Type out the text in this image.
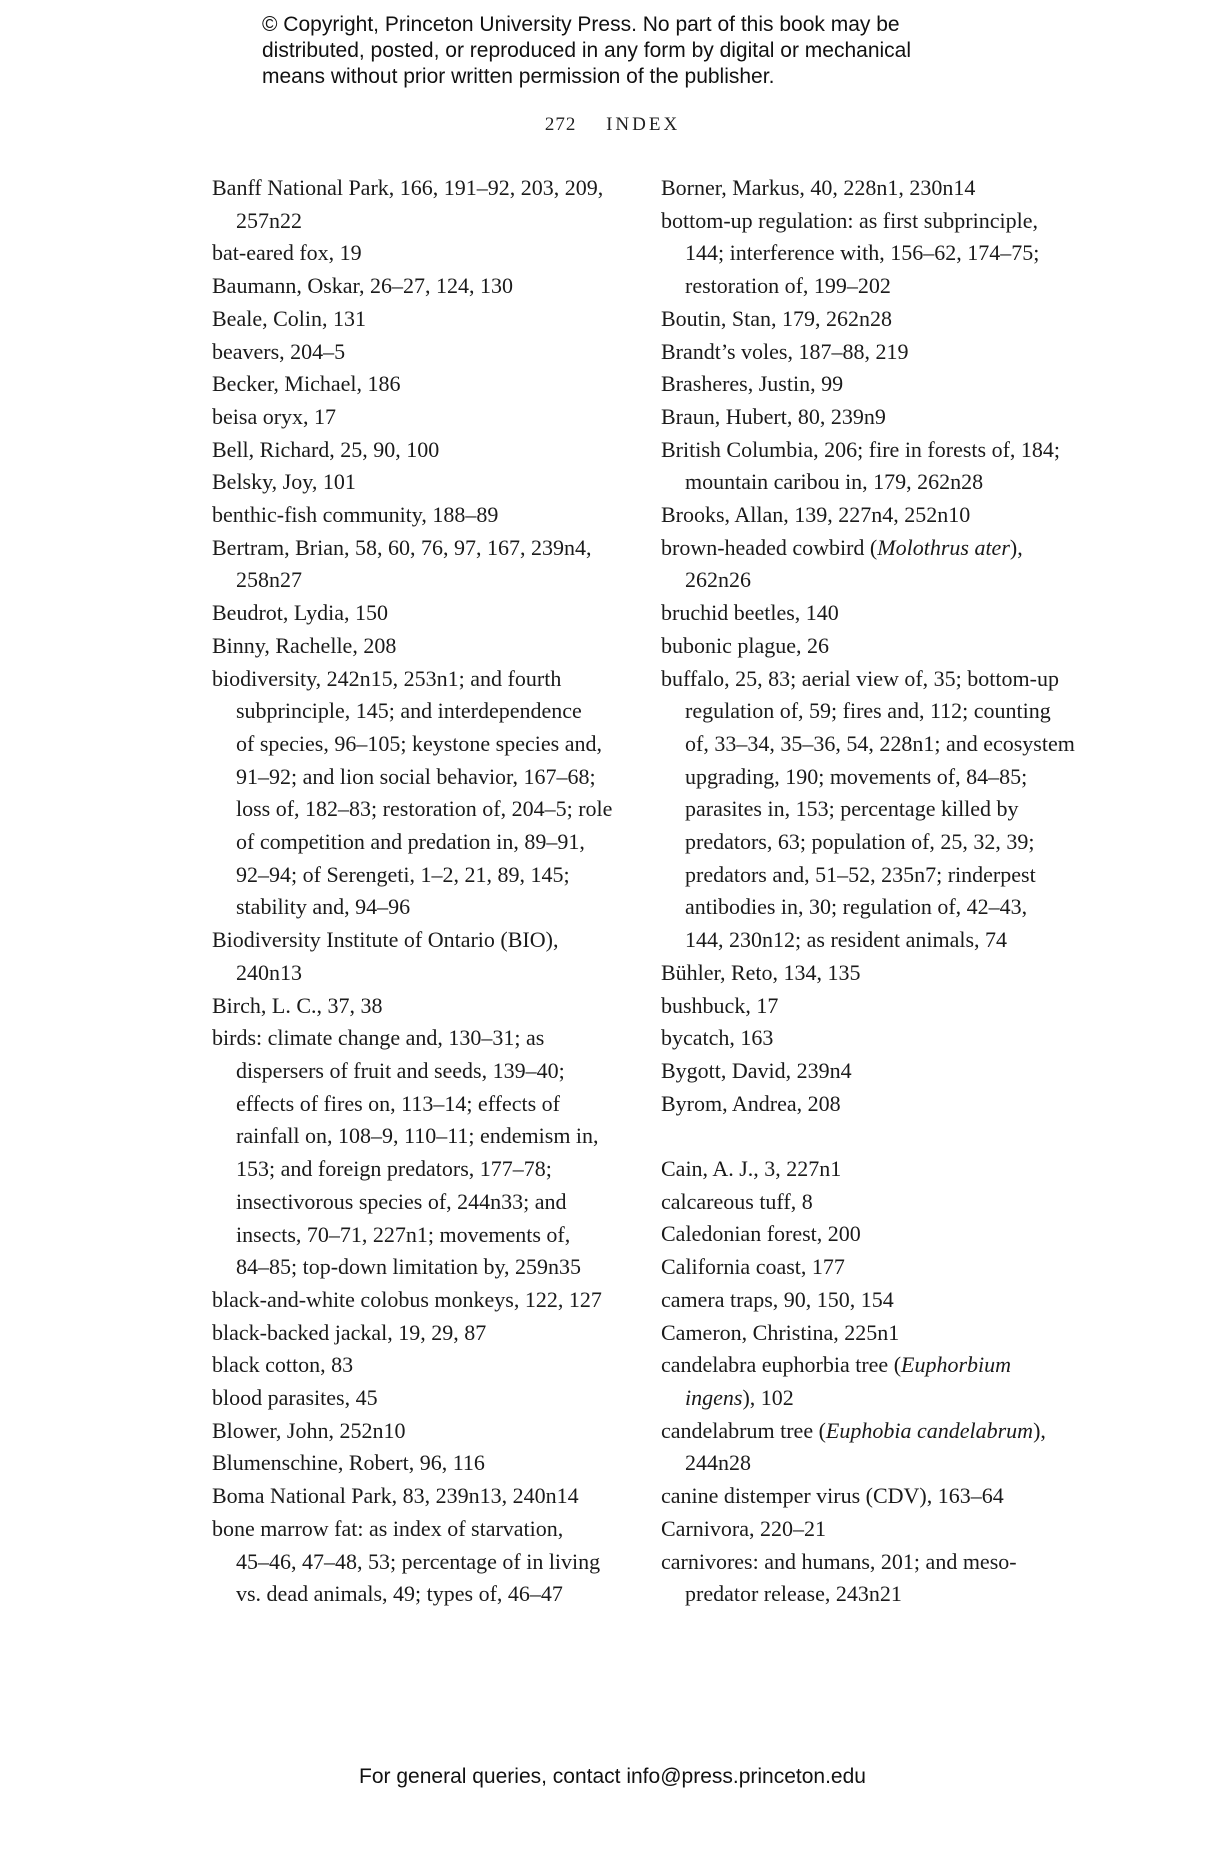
© Copyright, Princeton University Press. No part of this book may be
distributed, posted, or reproduced in any form by digital or mechanical
means without prior written permission of the publisher.
272 INDEX
Banff National Park, 166, 191–92, 203, 209,
257n22
bat-eared fox, 19
Baumann, Oskar, 26–27, 124, 130
Beale, Colin, 131
beavers, 204–5
Becker, Michael, 186
beisa oryx, 17
Bell, Richard, 25, 90, 100
Belsky, Joy, 101
benthic-fish community, 188–89
Bertram, Brian, 58, 60, 76, 97, 167, 239n4,
258n27
Beudrot, Lydia, 150
Binny, Rachelle, 208
biodiversity, 242n15, 253n1; and fourth
subprinciple, 145; and interdependence
of species, 96–105; keystone species and,
91–92; and lion social behavior, 167–68;
loss of, 182–83; restoration of, 204–5; role
of competition and predation in, 89–91,
92–94; of Serengeti, 1–2, 21, 89, 145;
stability and, 94–96
Biodiversity Institute of Ontario (BIO),
240n13
Birch, L. C., 37, 38
birds: climate change and, 130–31; as
dispersers of fruit and seeds, 139–40;
effects of fires on, 113–14; effects of
rainfall on, 108–9, 110–11; endemism in,
153; and foreign predators, 177–78;
insectivorous species of, 244n33; and
insects, 70–71, 227n1; movements of,
84–85; top-down limitation by, 259n35
black-and-white colobus monkeys, 122, 127
black-backed jackal, 19, 29, 87
black cotton, 83
blood parasites, 45
Blower, John, 252n10
Blumenschine, Robert, 96, 116
Boma National Park, 83, 239n13, 240n14
bone marrow fat: as index of starvation,
45–46, 47–48, 53; percentage of in living
vs. dead animals, 49; types of, 46–47
Borner, Markus, 40, 228n1, 230n14
bottom-up regulation: as first subprinciple,
144; interference with, 156–62, 174–75;
restoration of, 199–202
Boutin, Stan, 179, 262n28
Brandt’s voles, 187–88, 219
Brasheres, Justin, 99
Braun, Hubert, 80, 239n9
British Columbia, 206; fire in forests of, 184;
mountain caribou in, 179, 262n28
Brooks, Allan, 139, 227n4, 252n10
brown-headed cowbird (Molothrus ater),
262n26
bruchid beetles, 140
bubonic plague, 26
buffalo, 25, 83; aerial view of, 35; bottom-up
regulation of, 59; fires and, 112; counting
of, 33–34, 35–36, 54, 228n1; and ecosystem
upgrading, 190; movements of, 84–85;
parasites in, 153; percentage killed by
predators, 63; population of, 25, 32, 39;
predators and, 51–52, 235n7; rinderpest
antibodies in, 30; regulation of, 42–43,
144, 230n12; as resident animals, 74
Bühler, Reto, 134, 135
bushbuck, 17
bycatch, 163
Bygott, David, 239n4
Byrom, Andrea, 208
Cain, A. J., 3, 227n1
calcareous tuff, 8
Caledonian forest, 200
California coast, 177
camera traps, 90, 150, 154
Cameron, Christina, 225n1
candelabra euphorbia tree (Euphorbium
ingens), 102
candelabrum tree (Euphobia candelabrum),
244n28
canine distemper virus (CDV), 163–64
Carnivora, 220–21
carnivores: and humans, 201; and meso-
predator release, 243n21
For general queries, contact info@press.princeton.edu
